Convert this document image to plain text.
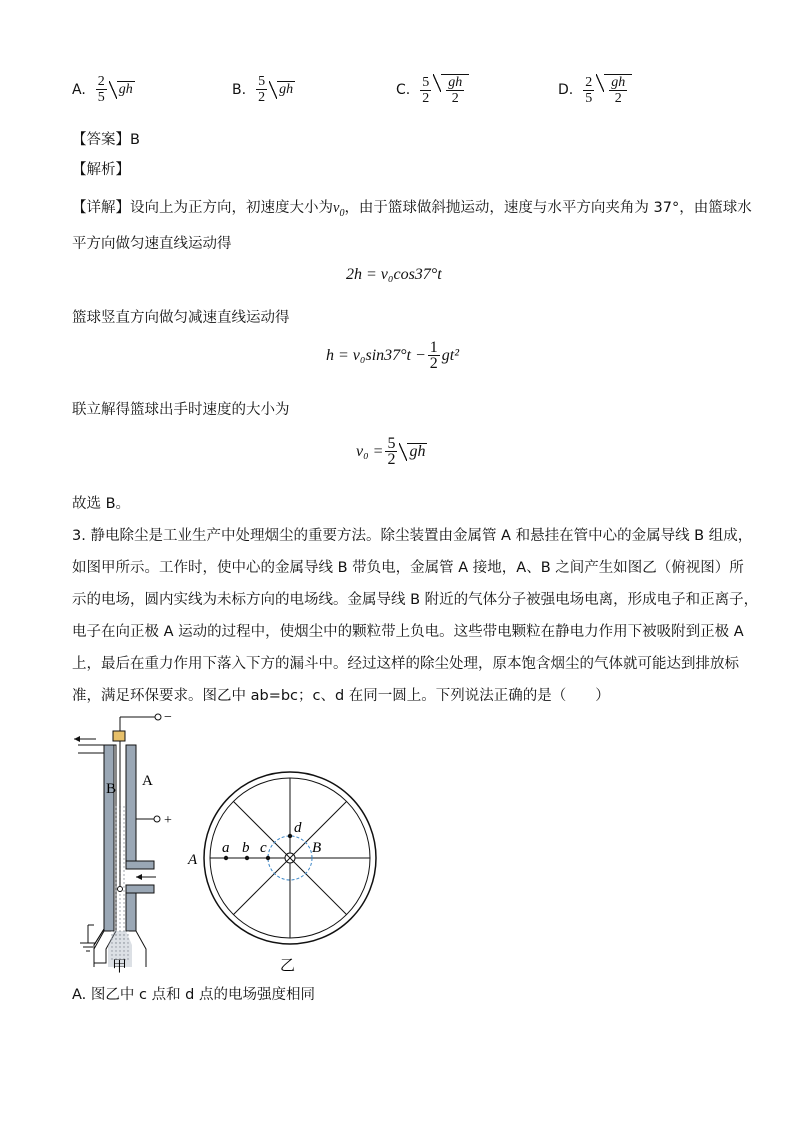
A. $\frac{2}{5}$ gh	B. $\frac{5}{2}$ gh	C. $\frac{5}{2} \frac{gh}{2}$	D. $\frac{2}{5} \frac{gh}{2}$
【答案】B
【解析】
【详解】设向上为正方向，初速度大小为$v_0$，由于篮球做斜抛运动，速度与水平方向夹角为 37°，由篮球水
平方向做匀速直线运动得
2h = v₀cos37°t
篮球竖直方向做匀减速直线运动得
$h = v_0\sin 37^\circ t - \frac{1}{2} gt^2$
联立解得篮球出手时速度的大小为
$v_0 = \frac{5}{2}$ gh
故选 B。
3. 静电除尘是工业生产中处理烟尘的重要方法。除尘装置由金属管 A 和悬挂在管中心的金属导线 B 组成，
如图甲所示。工作时，使中心的金属导线 B 带负电，金属管 A 接地，A、B 之间产生如图乙（俯视图）所
示的电场，圆内实线为未标方向的电场线。金属导线 B 附近的气体分子被强电场电离，形成电子和正离子，
电子在向正极 A 运动的过程中，使烟尘中的颗粒带上负电。这些带电颗粒在静电力作用下被吸附到正极 A
上，最后在重力作用下落入下方的漏斗中。经过这样的除尘处理，原本饱含烟尘的气体就可能达到排放标
准，满足环保要求。图乙中 ab=bc；c、d 在同一圆上。下列说法正确的是（　　）
−
+
B A
甲
A
a b c
d
B
乙
A. 图乙中 c 点和 d 点的电场强度相同
